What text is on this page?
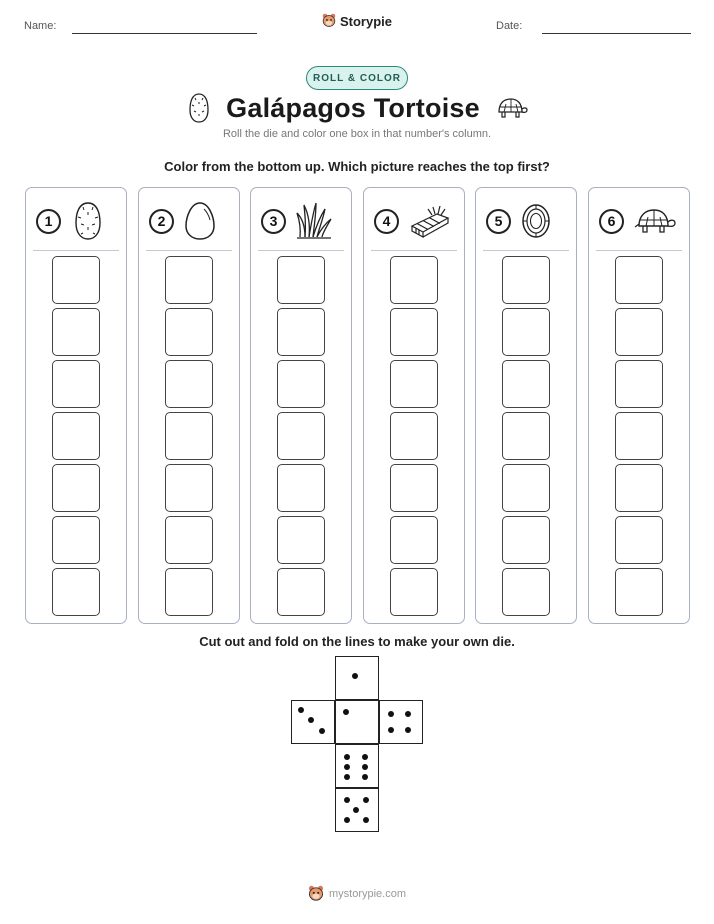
Name:	Storypie	Date:
ROLL & COLOR
Galápagos Tortoise
Roll the die and color one box in that number's column.
Color from the bottom up. Which picture reaches the top first?
1	2	3	4	5	6
Cut out and fold on the lines to make your own die.
mystorypie.com
